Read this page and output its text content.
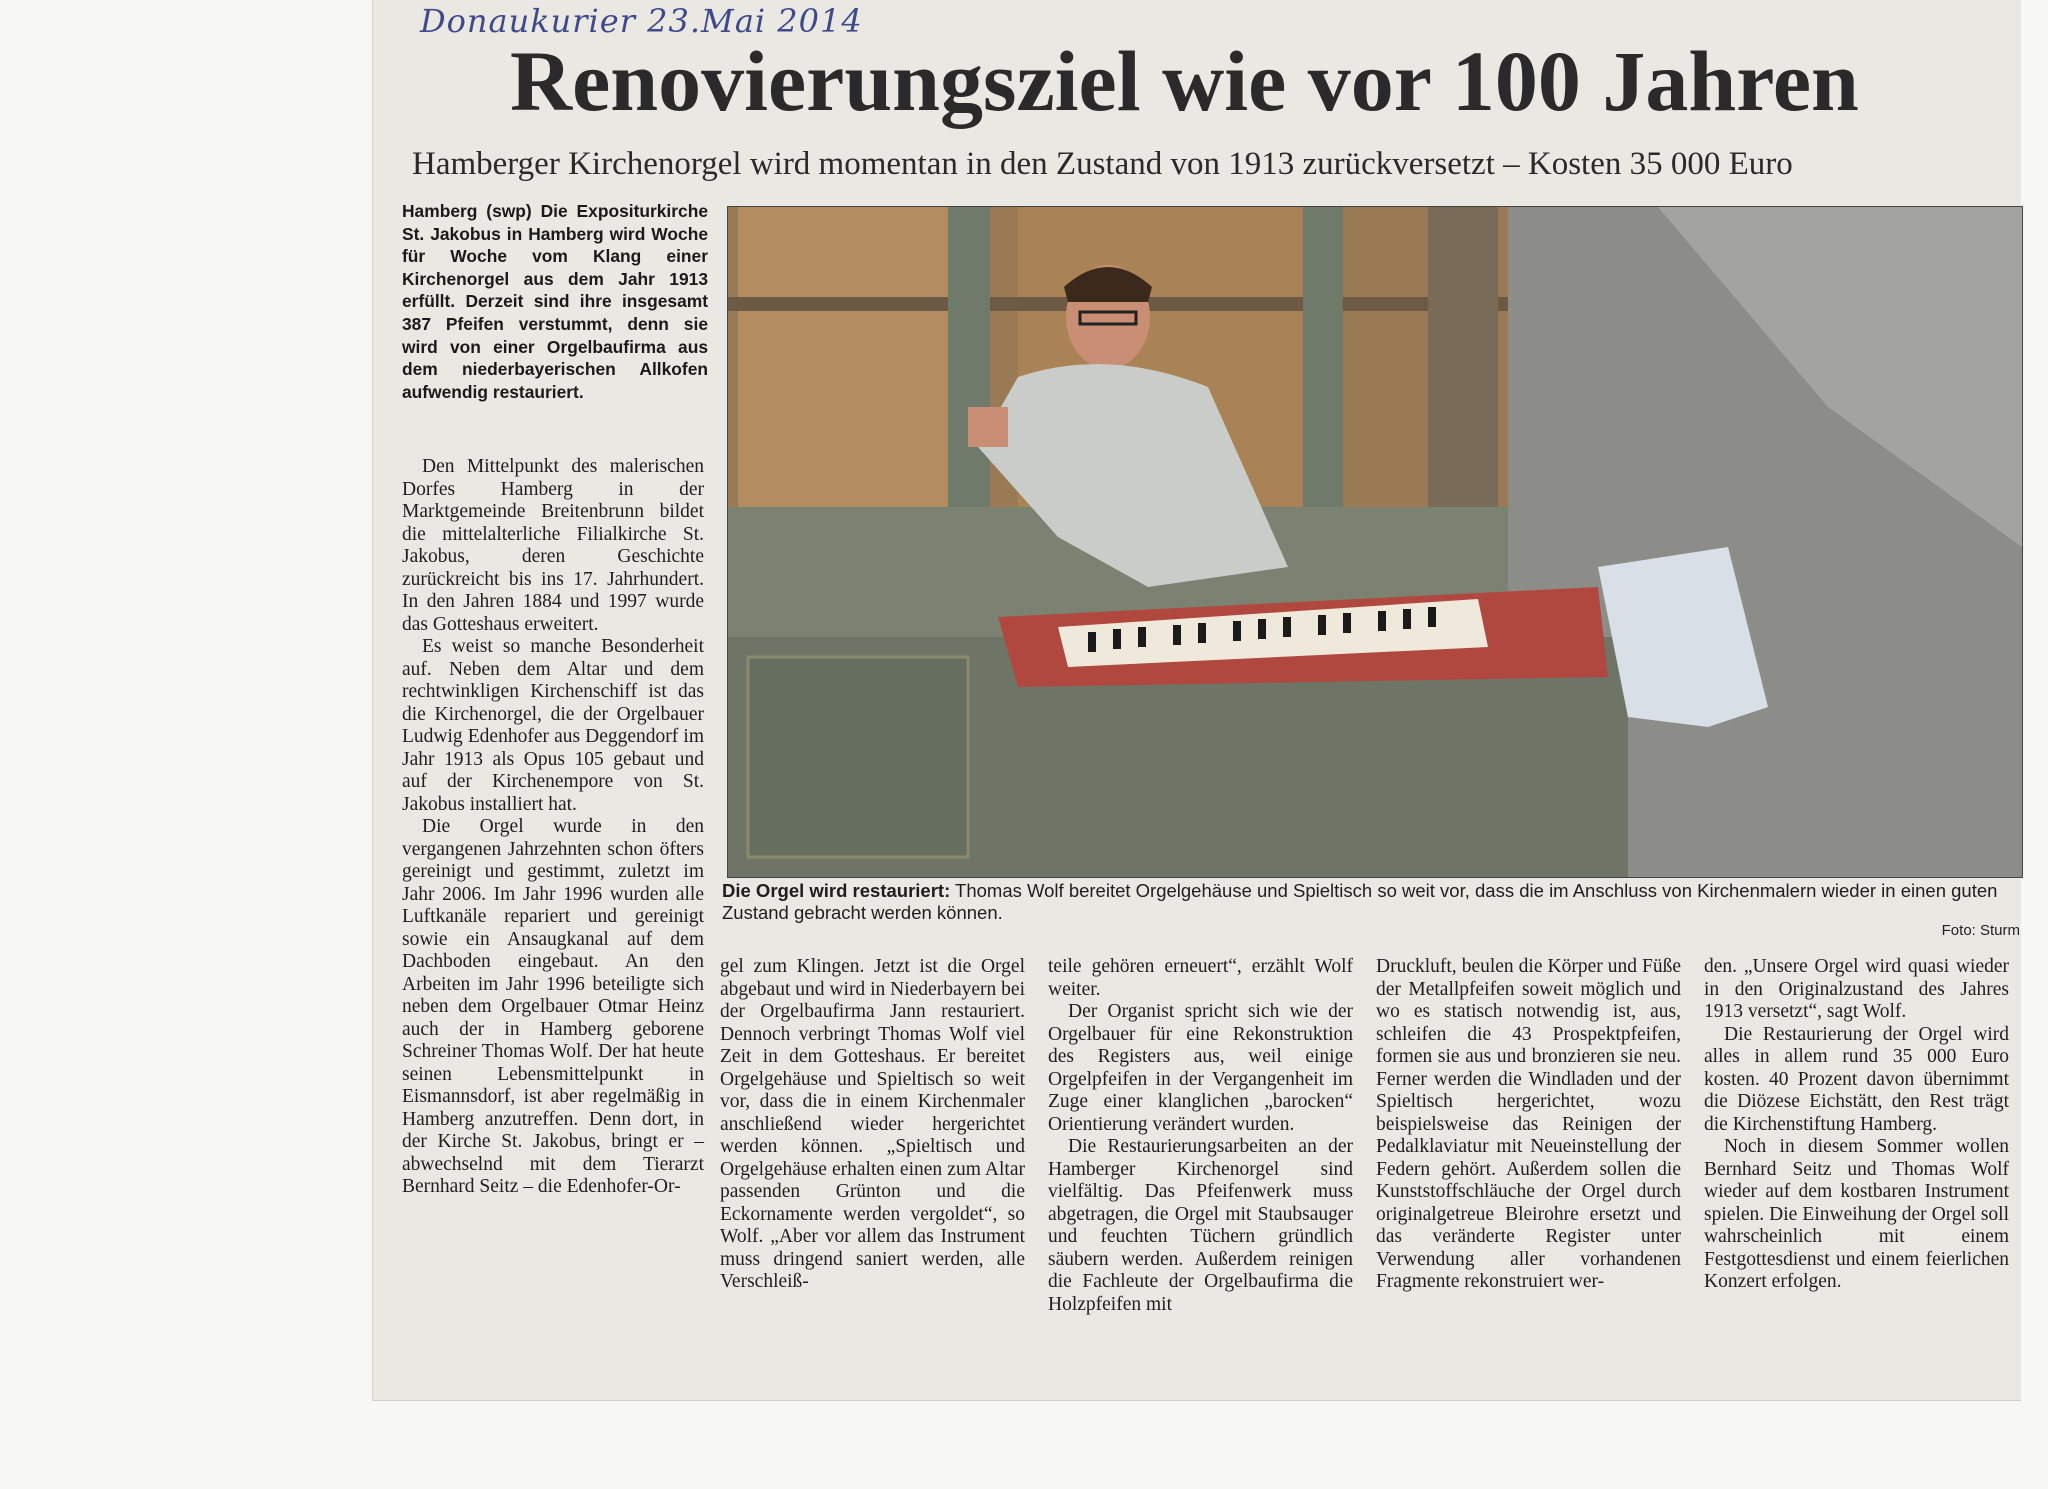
Donaukurier 23.Mai 2014
Renovierungsziel wie vor 100 Jahren
Hamberger Kirchenorgel wird momentan in den Zustand von 1913 zurückversetzt – Kosten 35 000 Euro
Hamberg (swp) Die Expositurkirche St. Jakobus in Hamberg wird Woche für Woche vom Klang einer Kirchenorgel aus dem Jahr 1913 erfüllt. Derzeit sind ihre insgesamt 387 Pfeifen verstummt, denn sie wird von einer Orgelbaufirma aus dem niederbayerischen Allkofen aufwendig restauriert.

Den Mittelpunkt des malerischen Dorfes Hamberg in der Marktgemeinde Breitenbrunn bildet die mittelalterliche Filialkirche St. Jakobus, deren Geschichte zurückreicht bis ins 17. Jahrhundert. In den Jahren 1884 und 1997 wurde das Gotteshaus erweitert.

Es weist so manche Besonderheit auf. Neben dem Altar und dem rechtwinkligen Kirchenschiff ist das die Kirchenorgel, die der Orgelbauer Ludwig Edenhofer aus Deggendorf im Jahr 1913 als Opus 105 gebaut und auf der Kirchenempore von St. Jakobus installiert hat.

Die Orgel wurde in den vergangenen Jahrzehnten schon öfters gereinigt und gestimmt, zuletzt im Jahr 2006. Im Jahr 1996 wurden alle Luftkanäle repariert und gereinigt sowie ein Ansaugkanal auf dem Dachboden eingebaut. An den Arbeiten im Jahr 1996 beteiligte sich neben dem Orgelbauer Otmar Heinz auch der in Hamberg geborene Schreiner Thomas Wolf. Der hat heute seinen Lebensmittelpunkt in Eismannsdorf, ist aber regelmäßig in Hamberg anzutreffen. Denn dort, in der Kirche St. Jakobus, bringt er – abwechselnd mit dem Tierarzt Bernhard Seitz – die Edenhofer-Or-

Die Orgel wird restauriert: Thomas Wolf bereitet Orgelgehäuse und Spieltisch so weit vor, dass die im Anschluss von Kirchenmalern wieder in einen guten Zustand gebracht werden können.
Foto: Sturm

gel zum Klingen. Jetzt ist die Orgel abgebaut und wird in Niederbayern bei der Orgelbaufirma Jann restauriert. Dennoch verbringt Thomas Wolf viel Zeit in dem Gotteshaus. Er bereitet Orgelgehäuse und Spieltisch so weit vor, dass die in einem Kirchenmaler anschließend wieder hergerichtet werden können. „Spieltisch und Orgelgehäuse erhalten einen zum Altar passenden Grünton und die Eckornamente werden vergoldet“, so Wolf. „Aber vor allem das Instrument muss dringend saniert werden, alle Verschleiß-

teile gehören erneuert“, erzählt Wolf weiter.

Der Organist spricht sich wie der Orgelbauer für eine Rekonstruktion des Registers aus, weil einige Orgelpfeifen in der Vergangenheit im Zuge einer klanglichen „barocken“ Orientierung verändert wurden.

Die Restaurierungsarbeiten an der Hamberger Kirchenorgel sind vielfältig. Das Pfeifenwerk muss abgetragen, die Orgel mit Staubsauger und feuchten Tüchern gründlich säubern werden. Außerdem reinigen die Fachleute der Orgelbaufirma die Holzpfeifen mit

Druckluft, beulen die Körper und Füße der Metallpfeifen soweit möglich und wo es statisch notwendig ist, aus, schleifen die 43 Prospektpfeifen, formen sie aus und bronzieren sie neu. Ferner werden die Windladen und der Spieltisch hergerichtet, wozu beispielsweise das Reinigen der Pedalklaviatur mit Neueinstellung der Federn gehört. Außerdem sollen die Kunststoffschläuche der Orgel durch originalgetreue Bleirohre ersetzt und das veränderte Register unter Verwendung aller vorhandenen Fragmente rekonstruiert wer-

den. „Unsere Orgel wird quasi wieder in den Originalzustand des Jahres 1913 versetzt“, sagt Wolf.

Die Restaurierung der Orgel wird alles in allem rund 35 000 Euro kosten. 40 Prozent davon übernimmt die Diözese Eichstätt, den Rest trägt die Kirchenstiftung Hamberg.

Noch in diesem Sommer wollen Bernhard Seitz und Thomas Wolf wieder auf dem kostbaren Instrument spielen. Die Einweihung der Orgel soll wahrscheinlich mit einem Festgottesdienst und einem feierlichen Konzert erfolgen.
